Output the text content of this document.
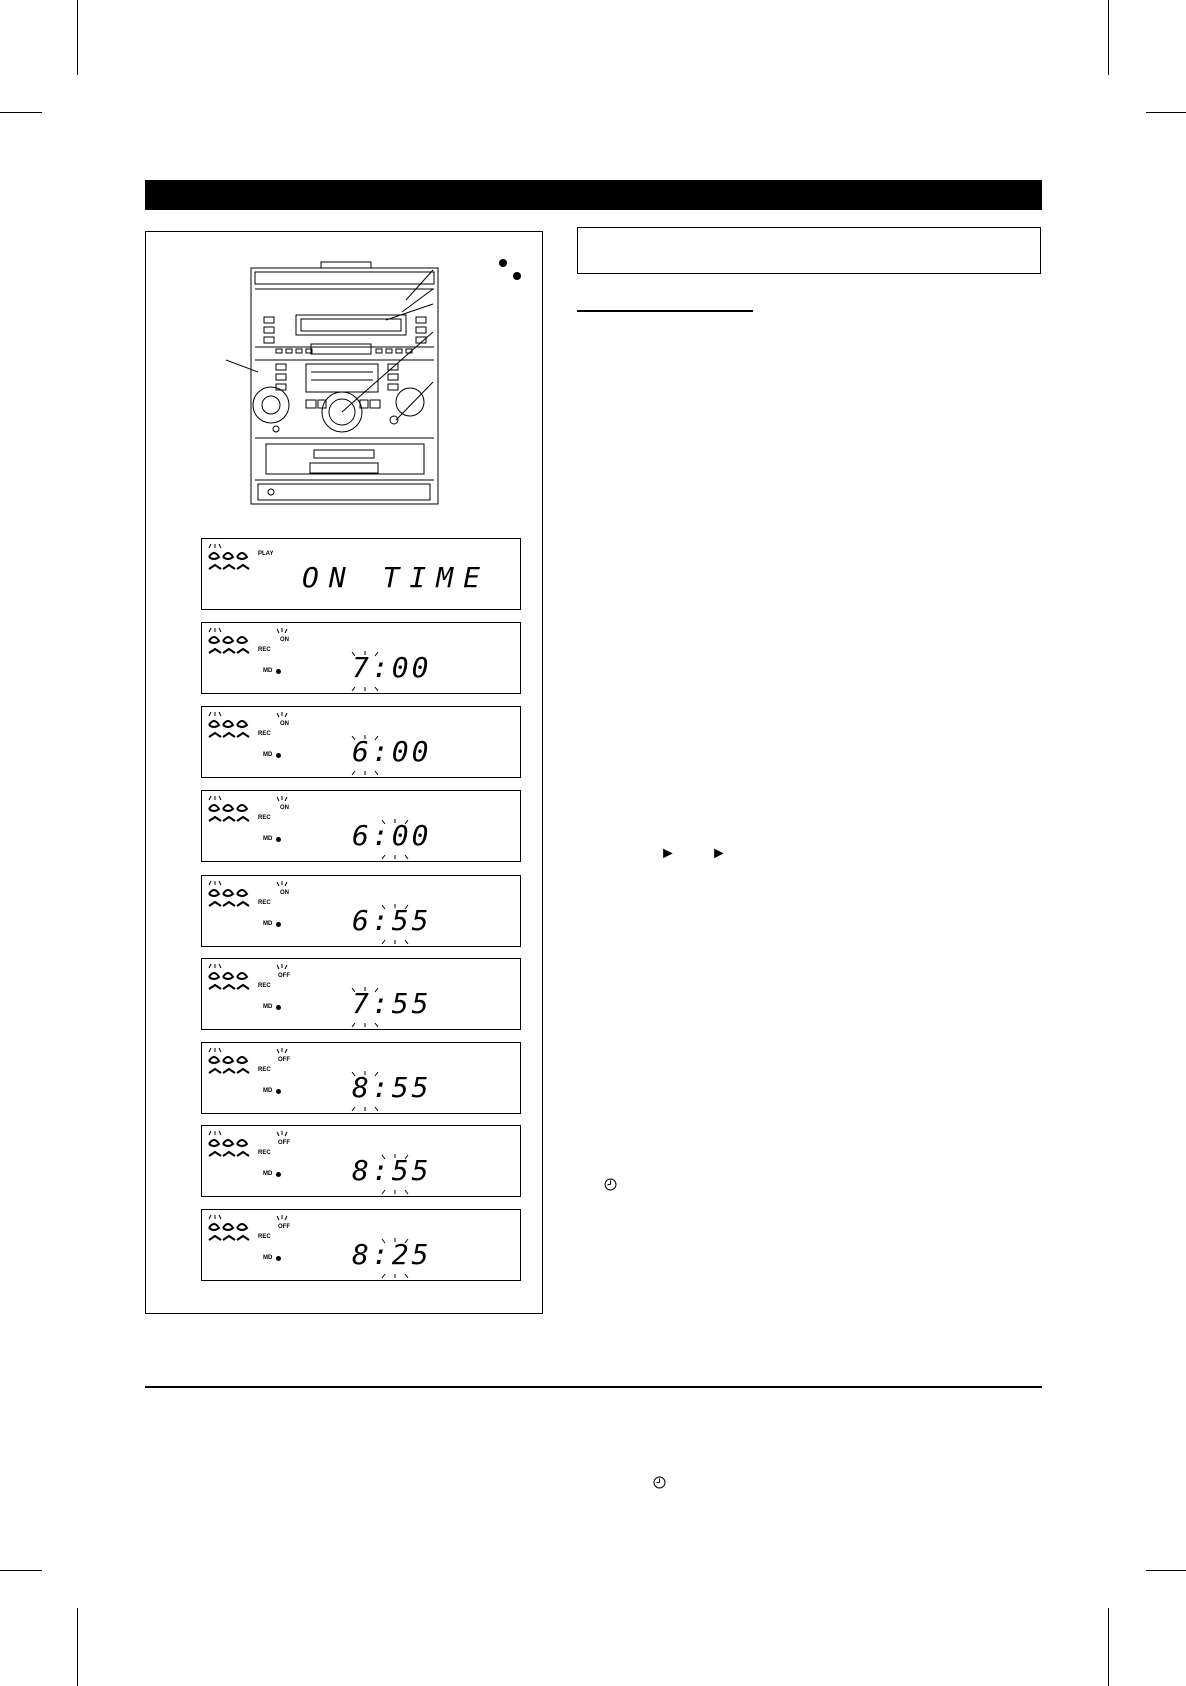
PLAY
ON TIME
REC
ON
MD	7:00
REC
ON
MD	6:00
REC
ON
MD	6:00
REC
ON
MD	6:55
REC
OFF
MD	7:55
REC
OFF
MD	8:55
REC
OFF
MD	8:55
REC
OFF
MD	8:25
► ►
